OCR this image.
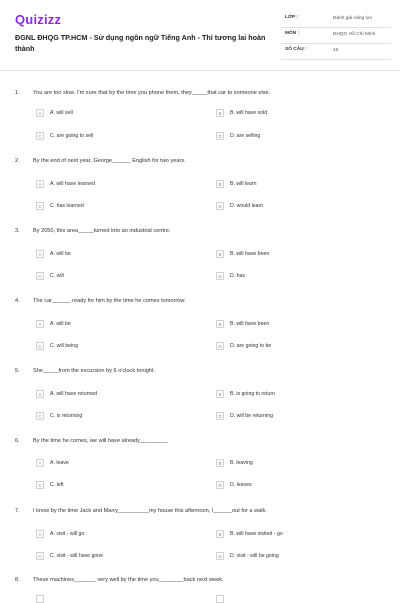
Quizizz
ĐGNL ĐHQG TP.HCM - Sử dụng ngôn ngữ Tiếng Anh - Thì tương lai hoàn thành
LỚP :	Đánh giá năng lực
MÔN :	ĐHQG Hồ Chí Minh
SỐ CÂU :	10
1. You are too slow. I'm sure that by the time you phone them, they_____that car to someone else.
A	A. will sell	B	B. will have sold
C	C. are going to sell	D	D. are selling
2. By the end of next year, George______ English for two years.
A	A. will have learned	B	B. will learn
C	C. has learned	D	D. would learn
3. By 2050, this area_____turned into an industrial centre.
A	A. will be	B	B. will have been
C	C. will	D	D. has
4. The car______ ready for him by the time he comes tomorrow.
A	A. will be	B	B. will have been
C	C. will being	D	D. are going to be
5. She_____from the excursion by 6 o'clock tonight.
A	A. will have returned	B	B. is going to return
C	C. is returning	D	D. will be returning
6. By the time he comes, we will have already_________
A	A. leave	B	B. leaving
C	C. left	D	D. leaves
7. I know by the time Jack and Marry__________my house this afternoon, I______out for a walk.
A	A. visit - will go	B	B. will have visited - go
C	C. visit - will have gone	D	D. visit - will be going
8. These machines_______ very well by the time you________back next week.
